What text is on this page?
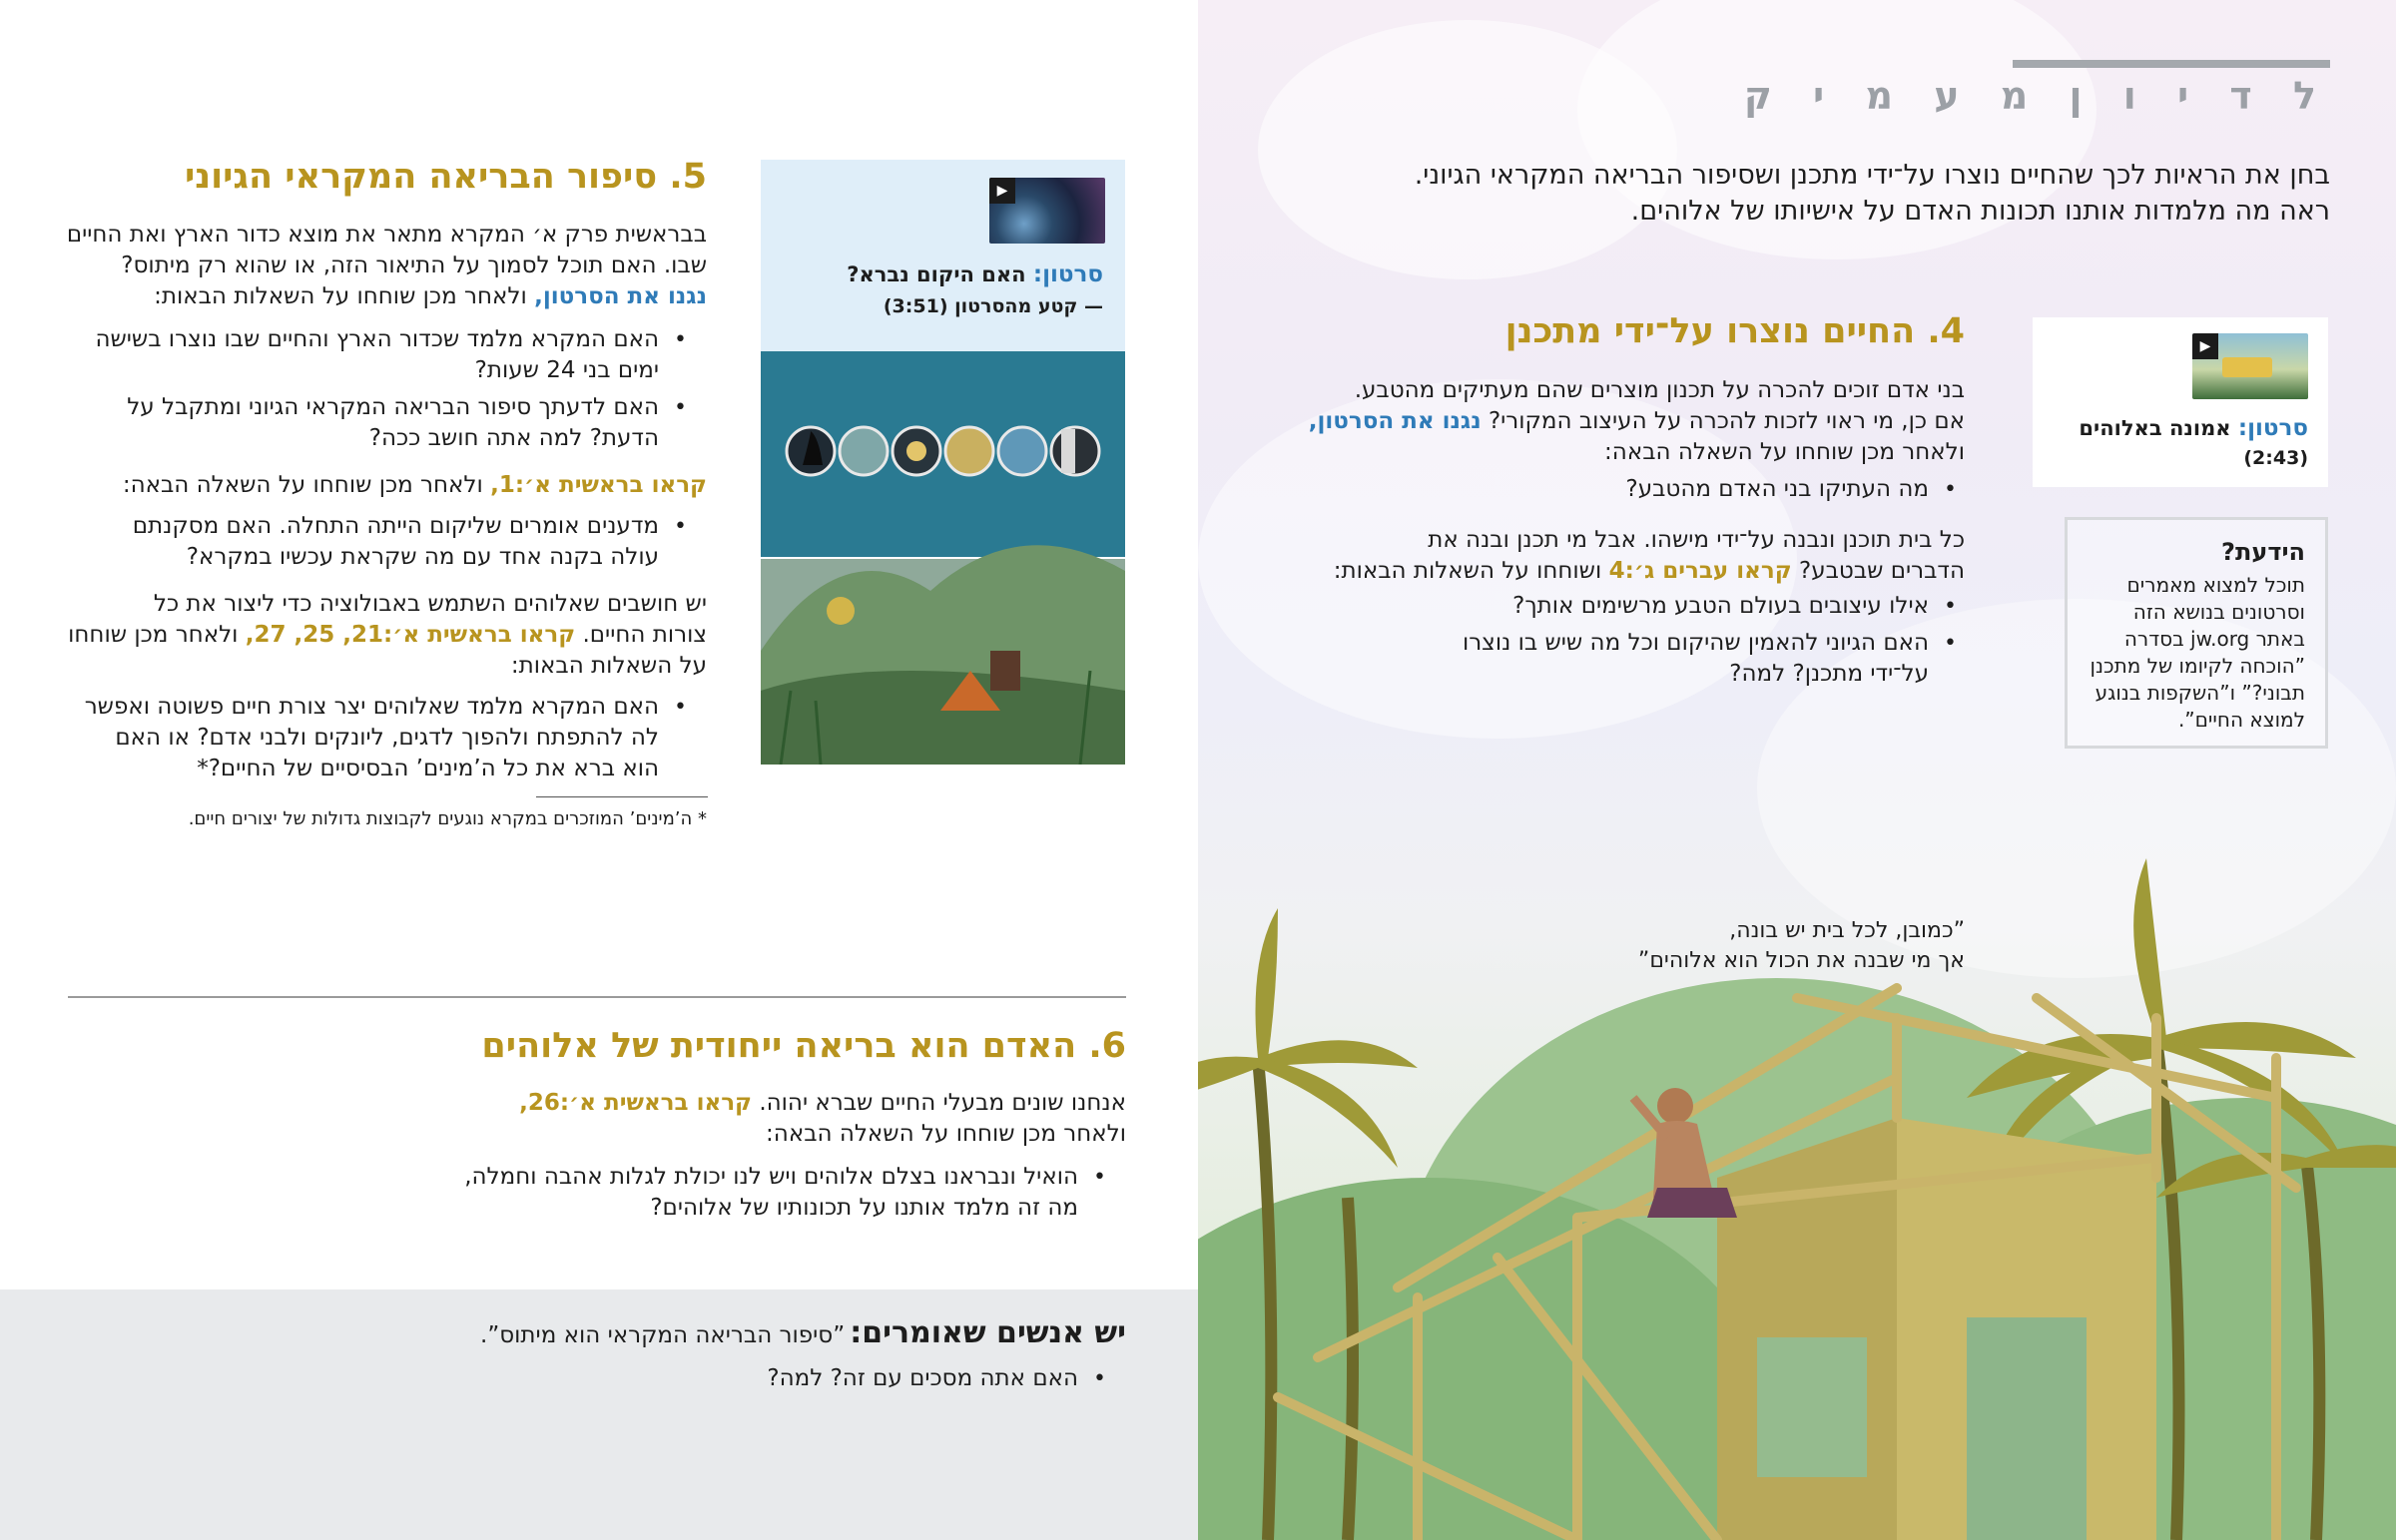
ל ד י ו ן מ ע מ י ק

בחן את הראיות לכך שהחיים נוצרו על־ידי מתכנן ושסיפור הבריאה המקראי הגיוני.

ראה מה מלמדות אותנו תכונות האדם על אישיותו של אלוהים.

4. החיים נוצרו על־ידי מתכנן

בני אדם זוכים להכרה על תכנון מוצרים שהם מעתיקים מהטבע.

אם כן, מי ראוי לזכות להכרה על העיצוב המקורי? נגנו את הסרטון,

ולאחר מכן שוחחו על השאלה הבאה:

• מה העתיקו בני האדם מהטבע?

כל בית תוכנן ונבנה על־ידי מישהו. אבל מי תכנן ובנה את

הדברים שבטבע? קראו עברים ג׳:4 ושוחחו על השאלות הבאות:

• אילו עיצובים בעולם הטבע מרשימים אותך?
• האם הגיוני להאמין שהיקום וכל מה שיש בו נוצרו
על־ידי מתכנן? למה?
▶
סרטון: אמונה באלוהים
(2:43)
הידעת?
תוכל למצוא מאמרים וסרטונים בנושא הזה באתר jw.org בסדרה ”הוכחה לקיומו של מתכנן תבוני?” ו”השקפות בנוגע למוצא החיים”.

”כמובן, לכל בית יש בונה,

אך מי שבנה את הכול הוא אלוהים”

5. סיפור הבריאה המקראי הגיוני

בבראשית פרק א׳ המקרא מתאר את מוצא כדור הארץ ואת החיים

שבו. האם תוכל לסמוך על התיאור הזה, או שהוא רק מיתוס?

נגנו את הסרטון, ולאחר מכן שוחחו על השאלות הבאות:

• האם המקרא מלמד שכדור הארץ והחיים שבו נוצרו בשישה
ימים בני 24 שעות?
• האם לדעתך סיפור הבריאה המקראי הגיוני ומתקבל על
הדעת? למה אתה חושב ככה?

קראו בראשית א׳:1, ולאחר מכן שוחחו על השאלה הבאה:

• מדענים אומרים שליקום הייתה התחלה. האם מסקנתם
עולה בקנה אחד עם מה שקראת עכשיו במקרא?

יש חושבים שאלוהים השתמש באבולוציה כדי ליצור את כל

צורות החיים. קראו בראשית א׳:21, 25, 27, ולאחר מכן שוחחו

על השאלות הבאות:

• האם המקרא מלמד שאלוהים יצר צורת חיים פשוטה ואפשר
לה להתפתח ולהפוך לדגים, ליונקים ולבני אדם? או האם
הוא ברא את כל ה’מינים’ הבסיסיים של החיים?*
* ה’מינים’ המוזכרים במקרא נוגעים לקבוצות גדולות של יצורים חיים.
▶
סרטון: האם היקום נברא?
— קטע מהסרטון (3:51)
6. האדם הוא בריאה ייחודית של אלוהים

אנחנו שונים מבעלי החיים שברא יהוה. קראו בראשית א׳:26,

ולאחר מכן שוחחו על השאלה הבאה:

• הואיל ונבראנו בצלם אלוהים ויש לנו יכולת לגלות אהבה וחמלה,
מה זה מלמד אותנו על תכונותיו של אלוהים?
יש אנשים שאומרים: ”סיפור הבריאה המקראי הוא מיתוס”.
• האם אתה מסכים עם זה? למה?
